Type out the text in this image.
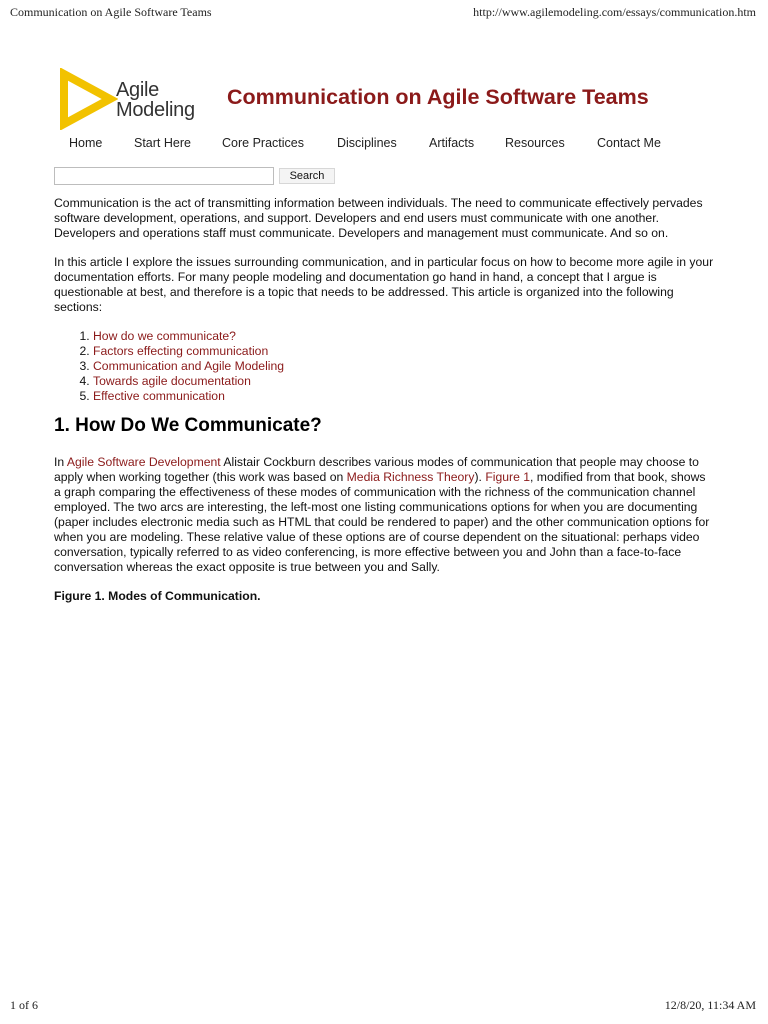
Communication on Agile Software Teams	http://www.agilemodeling.com/essays/communication.htm
Agile
Modeling
Communication on Agile Software Teams
Home	Start Here Core Practices	Disciplines	Artifacts Resources	Contact Me
Search

Communication is the act of transmitting information between individuals. The need to communicate effectively pervades software development, operations, and support. Developers and end users must communicate with one another. Developers and operations staff must communicate. Developers and management must communicate. And so on.

In this article I explore the issues surrounding communication, and in particular focus on how to become more agile in your documentation efforts. For many people modeling and documentation go hand in hand, a concept that I argue is questionable at best, and therefore is a topic that needs to be addressed. This article is organized into the following sections:

1. How do we communicate?
2. Factors effecting communication
3. Communication and Agile Modeling
4. Towards agile documentation
5. Effective communication
1. How Do We Communicate?

In Agile Software Development Alistair Cockburn describes various modes of communication that people may choose to apply when working together (this work was based on Media Richness Theory). Figure 1, modified from that book, shows a graph comparing the effectiveness of these modes of communication with the richness of the communication channel employed. The two arcs are interesting, the left-most one listing communications options for when you are documenting (paper includes electronic media such as HTML that could be rendered to paper) and the other communication options for when you are modeling. These relative value of these options are of course dependent on the situational: perhaps video conversation, typically referred to as video conferencing, is more effective between you and John than a face-to-face conversation whereas the exact opposite is true between you and Sally.

Figure 1. Modes of Communication.

1 of 6	12/8/20, 11:34 AM
